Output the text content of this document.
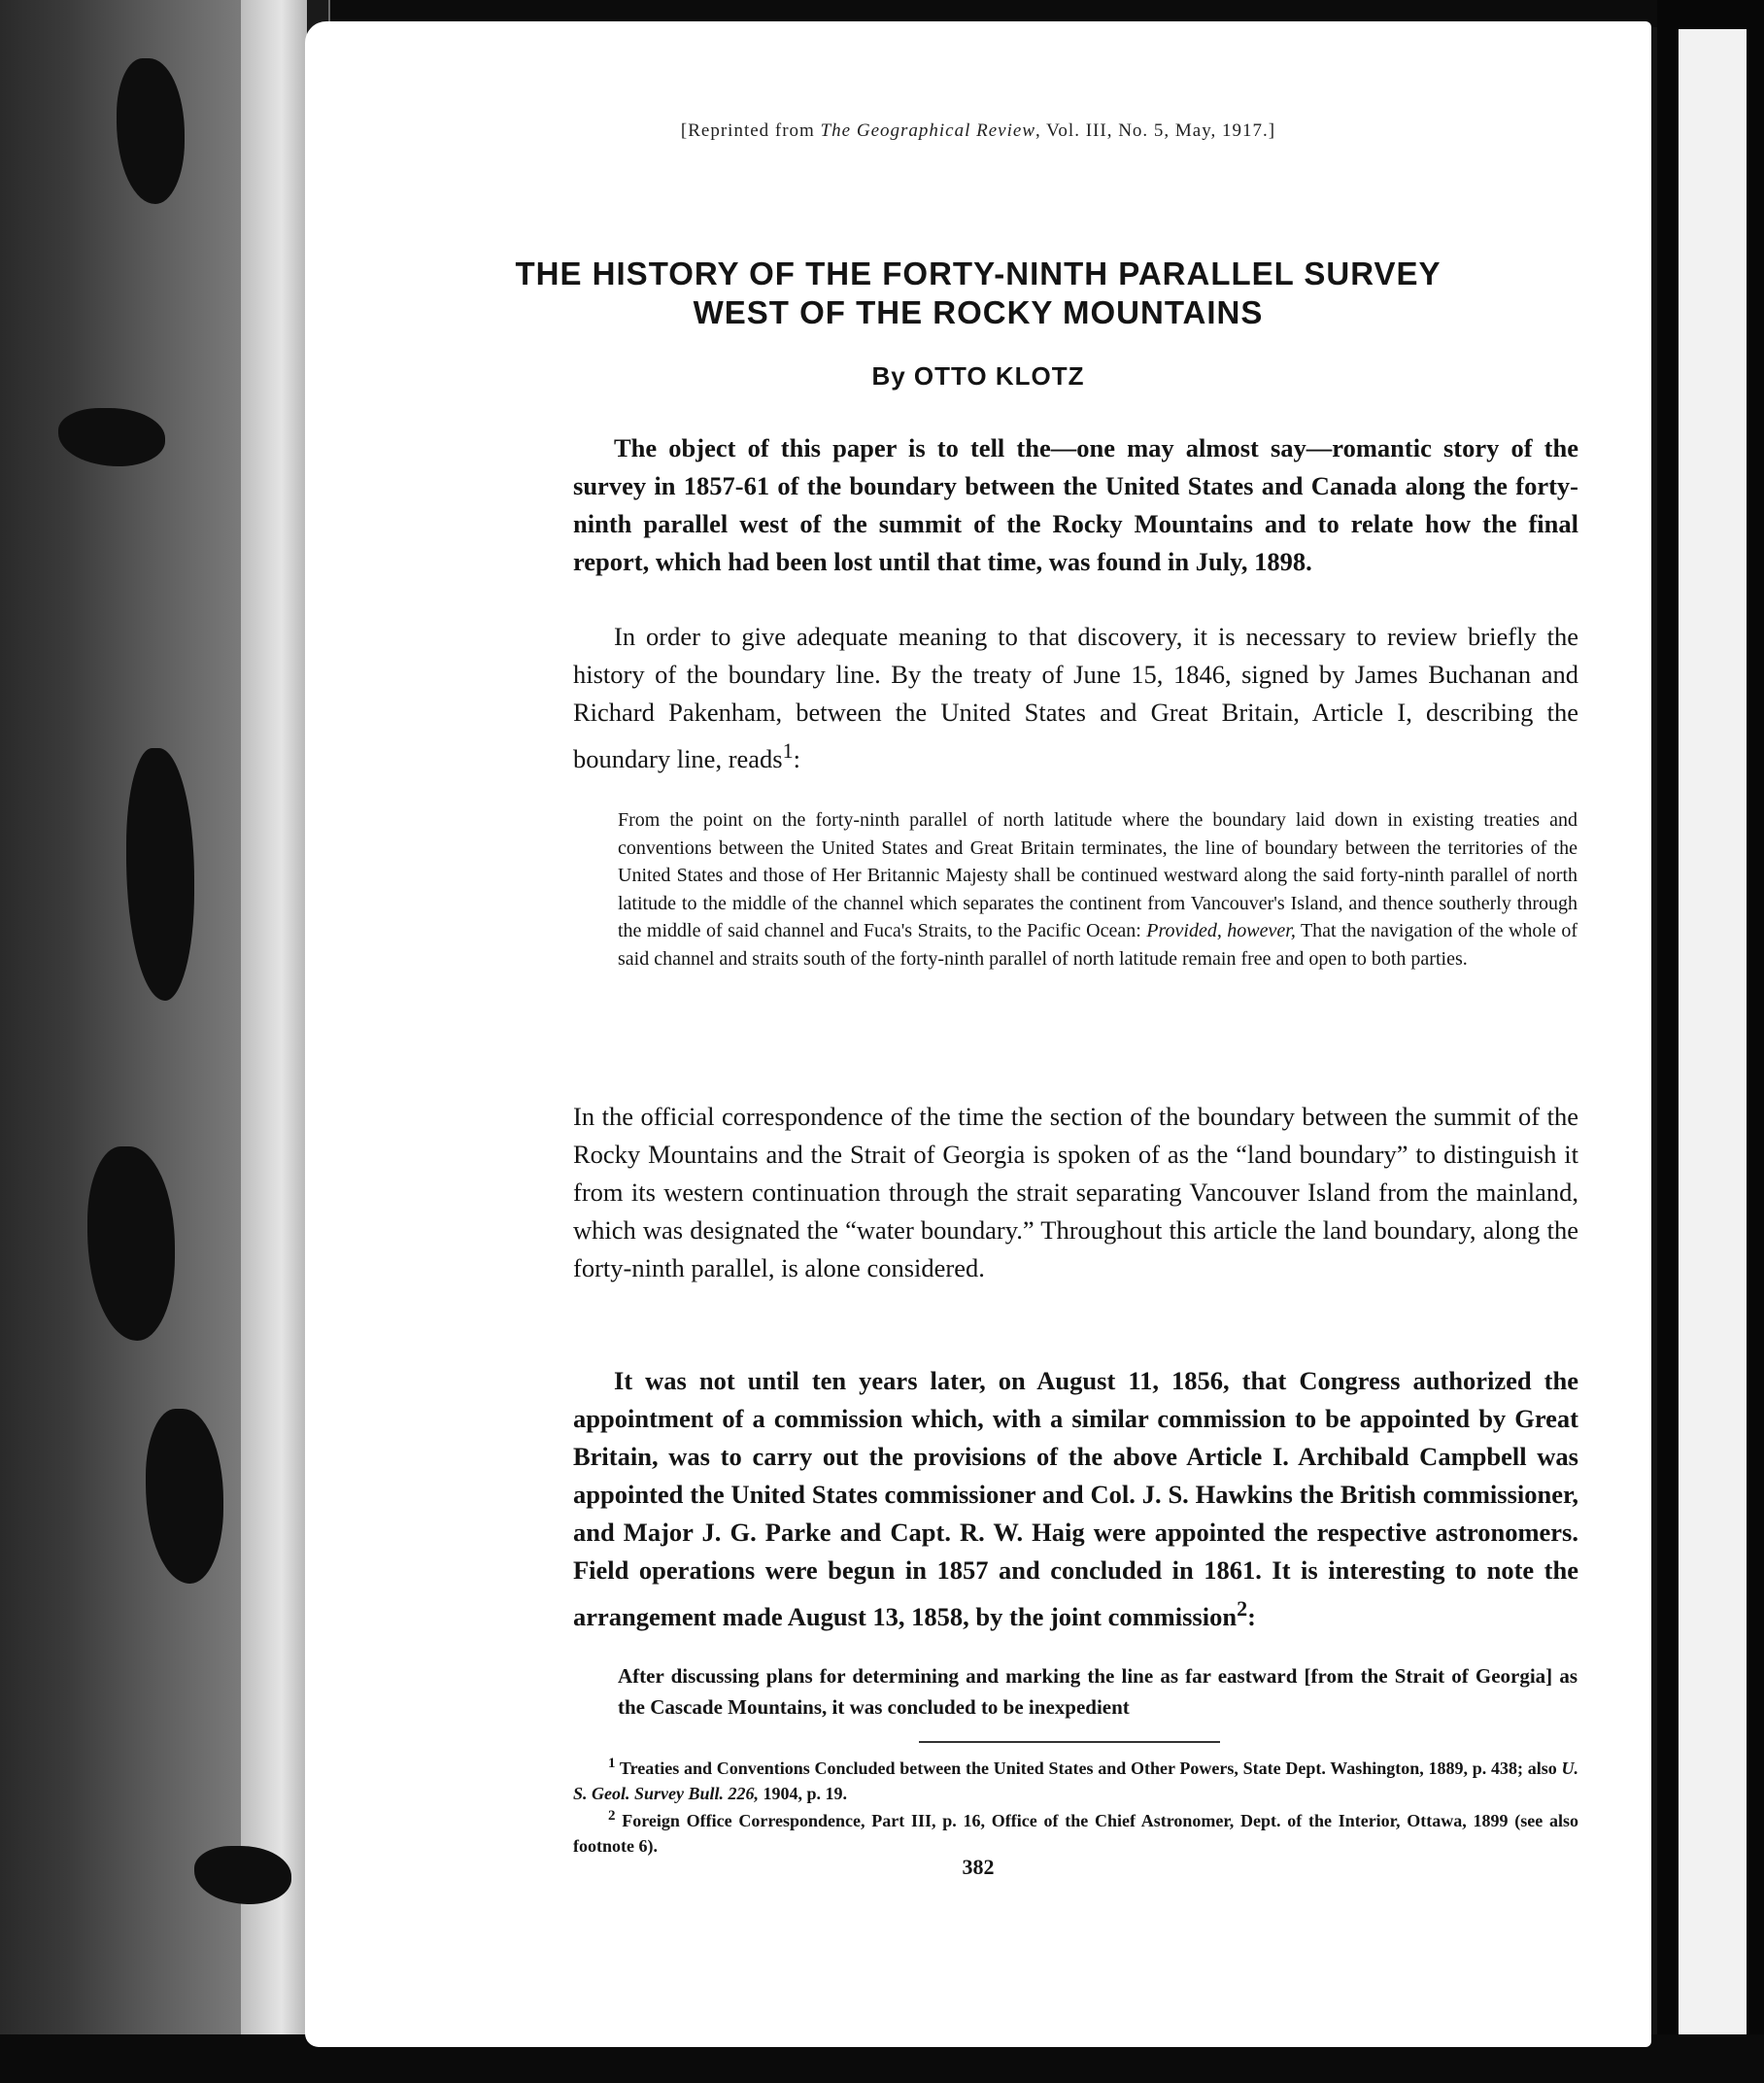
[Reprinted from The Geographical Review, Vol. III, No. 5, May, 1917.]
THE HISTORY OF THE FORTY-NINTH PARALLEL SURVEY
WEST OF THE ROCKY MOUNTAINS
By OTTO KLOTZ

The object of this paper is to tell the—one may almost say—romantic story of the survey in 1857-61 of the boundary between the United States and Canada along the forty-ninth parallel west of the summit of the Rocky Mountains and to relate how the final report, which had been lost until that time, was found in July, 1898.

In order to give adequate meaning to that discovery, it is necessary to review briefly the history of the boundary line. By the treaty of June 15, 1846, signed by James Buchanan and Richard Pakenham, between the United States and Great Britain, Article I, describing the boundary line, reads$^1$:

From the point on the forty-ninth parallel of north latitude where the boundary laid down in existing treaties and conventions between the United States and Great Britain terminates, the line of boundary between the territories of the United States and those of Her Britannic Majesty shall be continued westward along the said forty-ninth parallel of north latitude to the middle of the channel which separates the continent from Vancouver's Island, and thence southerly through the middle of said channel and Fuca's Straits, to the Pacific Ocean: Provided, however, That the navigation of the whole of said channel and straits south of the forty-ninth parallel of north latitude remain free and open to both parties.

In the official correspondence of the time the section of the boundary between the summit of the Rocky Mountains and the Strait of Georgia is spoken of as the “land boundary” to distinguish it from its western continuation through the strait separating Vancouver Island from the mainland, which was designated the “water boundary.” Throughout this article the land boundary, along the forty-ninth parallel, is alone considered.

It was not until ten years later, on August 11, 1856, that Congress authorized the appointment of a commission which, with a similar commission to be appointed by Great Britain, was to carry out the provisions of the above Article I. Archibald Campbell was appointed the United States commissioner and Col. J. S. Hawkins the British commissioner, and Major J. G. Parke and Capt. R. W. Haig were appointed the respective astronomers. Field operations were begun in 1857 and concluded in 1861. It is interesting to note the arrangement made August 13, 1858, by the joint commission$^2$:

After discussing plans for determining and marking the line as far eastward [from the Strait of Georgia] as the Cascade Mountains, it was concluded to be inexpedient

$^1$ Treaties and Conventions Concluded between the United States and Other Powers, State Dept. Washington, 1889, p. 438; also U. S. Geol. Survey Bull. 226, 1904, p. 19.

$^2$ Foreign Office Correspondence, Part III, p. 16, Office of the Chief Astronomer, Dept. of the Interior, Ottawa, 1899 (see also footnote 6).

382
